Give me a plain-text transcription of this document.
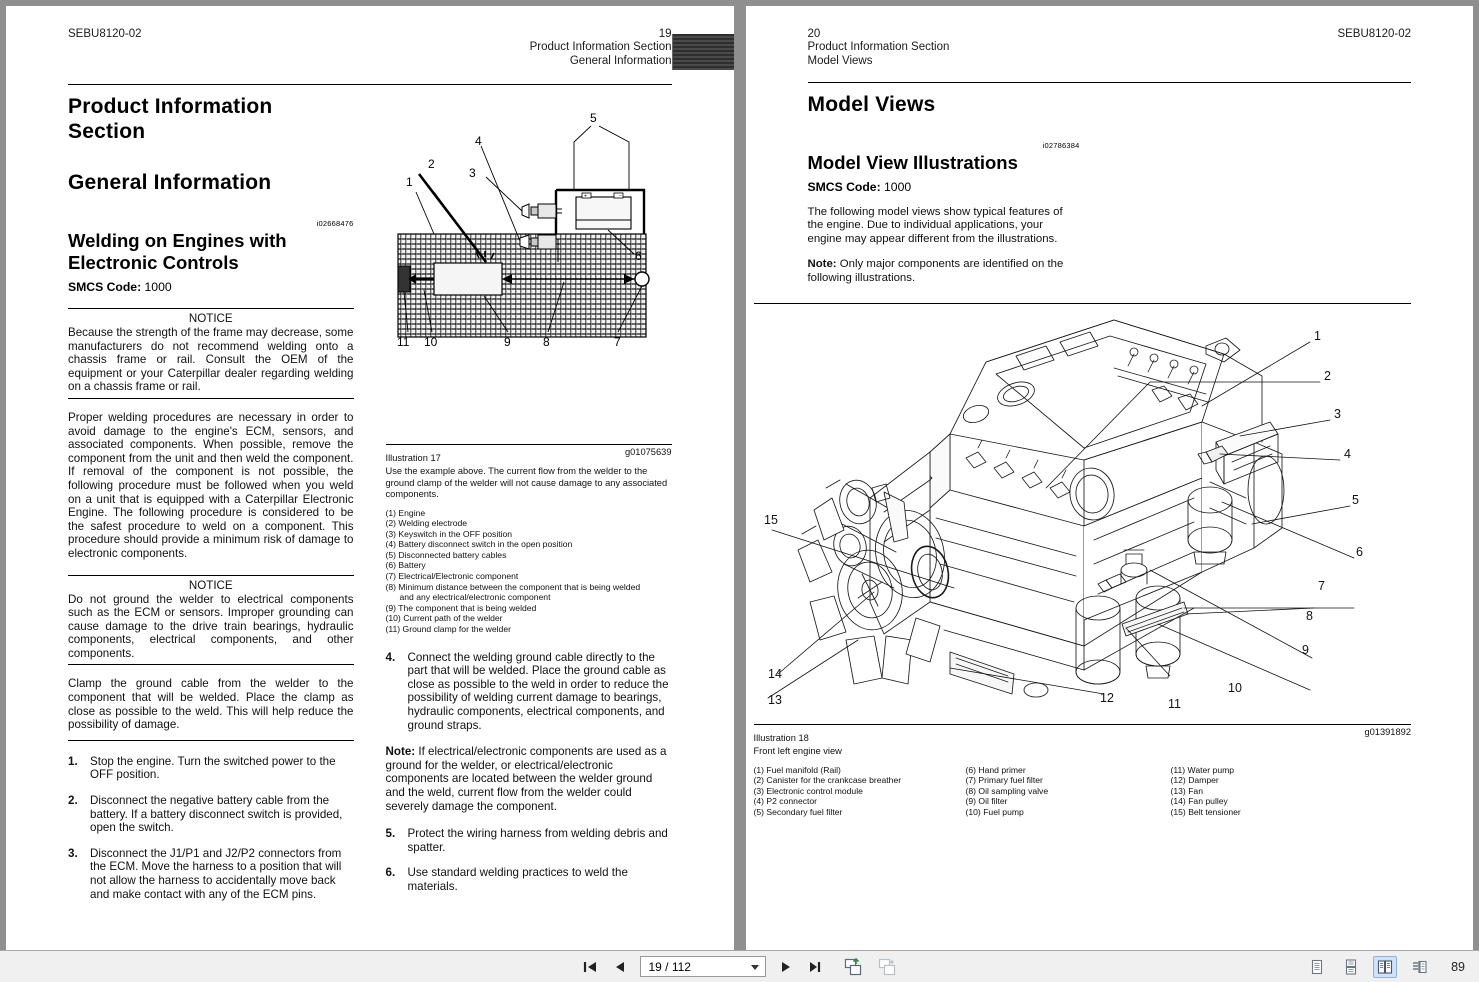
SEBU8120-02	19
Product Information Section
General Information
Product Information
Section
General Information
i02668476
Welding on Engines with
Electronic Controls
SMCS Code: 1000
NOTICE
Because the strength of the frame may decrease, some manufacturers do not recommend welding onto a chassis frame or rail. Consult the OEM of the equipment or your Caterpillar dealer regarding welding on a chassis frame or rail.

Proper welding procedures are necessary in order to avoid damage to the engine's ECM, sensors, and associated components. When possible, remove the component from the unit and then weld the component. If removal of the component is not possible, the following procedure must be followed when you weld on a unit that is equipped with a Caterpillar Electronic Engine. The following procedure is considered to be the safest procedure to weld on a component. This procedure should provide a minimum risk of damage to electronic components.

NOTICE
Do not ground the welder to electrical components such as the ECM or sensors. Improper grounding can cause damage to the drive train bearings, hydraulic components, electrical components, and other components.

Clamp the ground cable from the welder to the component that will be welded. Place the clamp as close as possible to the weld. This will help reduce the possibility of damage.

1. Stop the engine. Turn the switched power to the OFF position.
2. Disconnect the negative battery cable from the battery. If a battery disconnect switch is provided, open the switch.
3. Disconnect the J1/P1 and J2/P2 connectors from the ECM. Move the harness to a position that will not allow the harness to accidentally move back and make contact with any of the ECM pins.
+	−
1
2
3
4
5
6
7
8
9
10
11
Illustration 17
g01075639
Use the example above. The current flow from the welder to the ground clamp of the welder will not cause damage to any associated components.
(1) Engine
(2) Welding electrode
(3) Keyswitch in the OFF position
(4) Battery disconnect switch in the open position
(5) Disconnected battery cables
(6) Battery
(7) Electrical/Electronic component
(8) Minimum distance between the component that is being welded
and any electrical/electronic component
(9) The component that is being welded
(10) Current path of the welder
(11) Ground clamp for the welder
4. Connect the welding ground cable directly to the part that will be welded. Place the ground cable as close as possible to the weld in order to reduce the possibility of welding current damage to bearings, hydraulic components, electrical components, and ground straps.

Note: If electrical/electronic components are used as a ground for the welder, or electrical/electronic components are located between the welder ground and the weld, current flow from the welder could severely damage the component.

5. Protect the wiring harness from welding debris and spatter.
6. Use standard welding practices to weld the materials.
20
Product Information Section
Model Views
SEBU8120-02
Model Views
i02786384
Model View Illustrations
SMCS Code: 1000

The following model views show typical features of the engine. Due to individual applications, your engine may appear different from the illustrations.

Note: Only major components are identified on the following illustrations.

1
2
3
4
5
6
7
8
9
10
11
12
13
14
15
Illustration 18
g01391892
Front left engine view
(1) Fuel manifold (Rail)
(2) Canister for the crankcase breather
(3) Electronic control module
(4) P2 connector
(5) Secondary fuel filter
(6) Hand primer
(7) Primary fuel filter
(8) Oil sampling valve
(9) Oil filter
(10) Fuel pump
(11) Water pump
(12) Damper
(13) Fan
(14) Fan pulley
(15) Belt tensioner
19 / 112	89
